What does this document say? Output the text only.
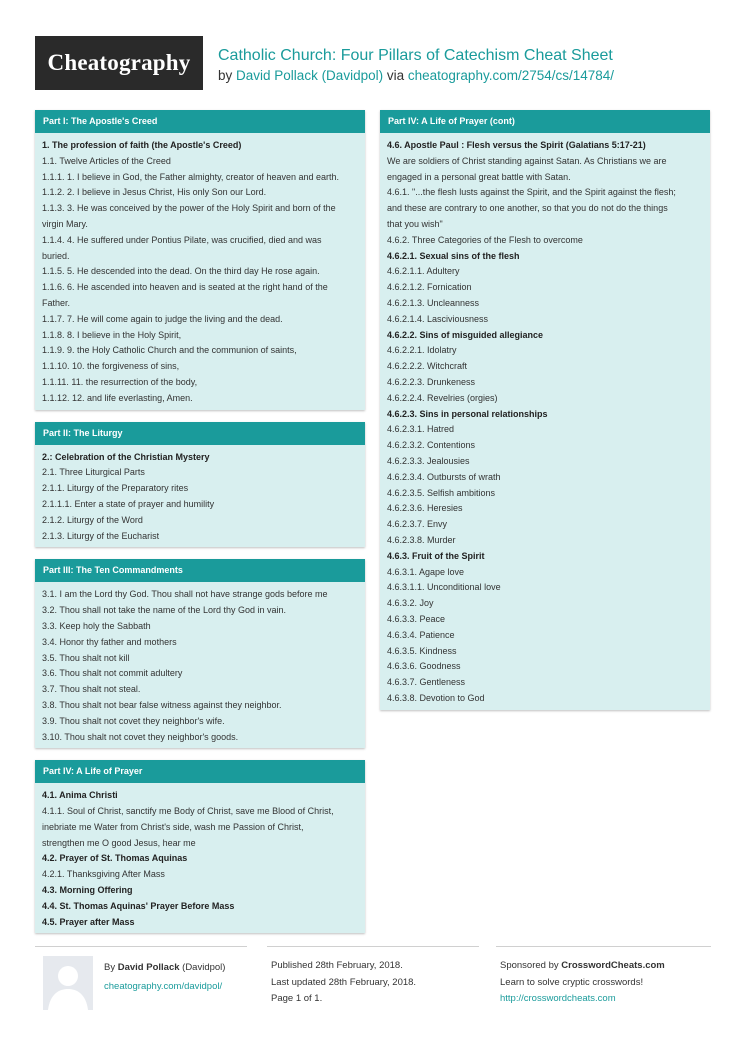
Cheatography Catholic Church: Four Pillars of Catechism Cheat Sheet
by David Pollack (Davidpol) via cheatography.com/2754/cs/14784/
Part I: The Apostle's Creed
1. The profession of faith (the Apostle's Creed)
1.1. Twelve Articles of the Creed
1.1.1. 1. I believe in God, the Father almighty, creator of heaven and earth.
1.1.2. 2. I believe in Jesus Christ, His only Son our Lord.
1.1.3. 3. He was conceived by the power of the Holy Spirit and born of the
virgin Mary.
1.1.4. 4. He suffered under Pontius Pilate, was crucified, died and was
buried.
1.1.5. 5. He descended into the dead. On the third day He rose again.
1.1.6. 6. He ascended into heaven and is seated at the right hand of the
Father.
1.1.7. 7. He will come again to judge the living and the dead.
1.1.8. 8. I believe in the Holy Spirit,
1.1.9. 9. the Holy Catholic Church and the communion of saints,
1.1.10. 10. the forgiveness of sins,
1.1.11. 11. the resurrection of the body,
1.1.12. 12. and life everlasting, Amen.
Part II: The Liturgy
2.: Celebration of the Christian Mystery
2.1. Three Liturgical Parts
2.1.1. Liturgy of the Preparatory rites
2.1.1.1. Enter a state of prayer and humility
2.1.2. Liturgy of the Word
2.1.3. Liturgy of the Eucharist
Part III: The Ten Commandments
3.1. I am the Lord thy God. Thou shall not have strange gods before me
3.2. Thou shall not take the name of the Lord thy God in vain.
3.3. Keep holy the Sabbath
3.4. Honor thy father and mothers
3.5. Thou shalt not kill
3.6. Thou shalt not commit adultery
3.7. Thou shalt not steal.
3.8. Thou shalt not bear false witness against they neighbor.
3.9. Thou shalt not covet they neighbor's wife.
3.10. Thou shalt not covet they neighbor's goods.
Part IV: A Life of Prayer
4.1. Anima Christi
4.1.1. Soul of Christ, sanctify me Body of Christ, save me Blood of Christ,
inebriate me Water from Christ's side, wash me Passion of Christ,
strengthen me O good Jesus, hear me
4.2. Prayer of St. Thomas Aquinas
4.2.1. Thanksgiving After Mass
4.3. Morning Offering
4.4. St. Thomas Aquinas' Prayer Before Mass
4.5. Prayer after Mass
Part IV: A Life of Prayer (cont)
4.6. Apostle Paul : Flesh versus the Spirit (Galatians 5:17-21)
We are soldiers of Christ standing against Satan. As Christians we are
engaged in a personal great battle with Satan.
4.6.1. "...the flesh lusts against the Spirit, and the Spirit against the flesh;
and these are contrary to one another, so that you do not do the things
that you wish"
4.6.2. Three Categories of the Flesh to overcome
4.6.2.1. Sexual sins of the flesh
4.6.2.1.1. Adultery
4.6.2.1.2. Fornication
4.6.2.1.3. Uncleanness
4.6.2.1.4. Lasciviousness
4.6.2.2. Sins of misguided allegiance
4.6.2.2.1. Idolatry
4.6.2.2.2. Witchcraft
4.6.2.2.3. Drunkeness
4.6.2.2.4. Revelries (orgies)
4.6.2.3. Sins in personal relationships
4.6.2.3.1. Hatred
4.6.2.3.2. Contentions
4.6.2.3.3. Jealousies
4.6.2.3.4. Outbursts of wrath
4.6.2.3.5. Selfish ambitions
4.6.2.3.6. Heresies
4.6.2.3.7. Envy
4.6.2.3.8. Murder
4.6.3. Fruit of the Spirit
4.6.3.1. Agape love
4.6.3.1.1. Unconditional love
4.6.3.2. Joy
4.6.3.3. Peace
4.6.3.4. Patience
4.6.3.5. Kindness
4.6.3.6. Goodness
4.6.3.7. Gentleness
4.6.3.8. Devotion to God
By David Pollack (Davidpol)
cheatography.com/davidpol/
Published 28th February, 2018.
Last updated 28th February, 2018.
Page 1 of 1.
Sponsored by CrosswordCheats.com
Learn to solve cryptic crosswords!
http://crosswordcheats.com
